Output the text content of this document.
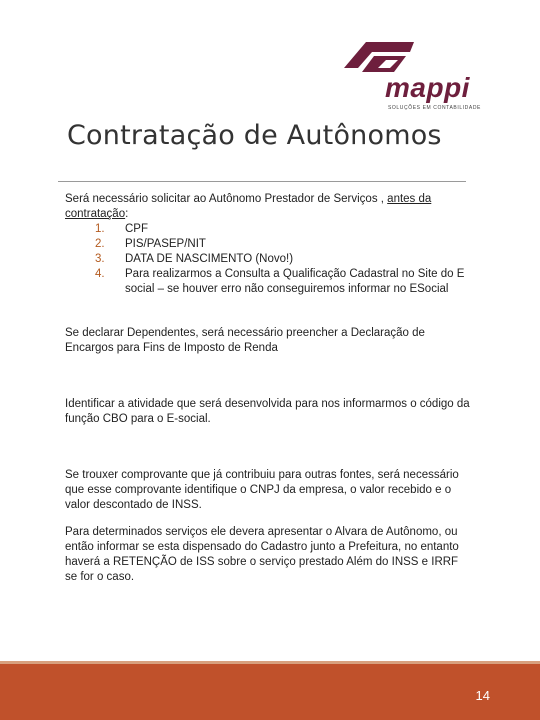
mappi
SOLUÇÕES EM CONTABILIDADE
Contratação de Autônomos

Será necessário solicitar ao Autônomo Prestador de Serviços , antes da contratação:

1.	CPF
2.	PIS/PASEP/NIT
3.	DATA DE NASCIMENTO (Novo!)
4.	Para realizarmos a Consulta a Qualificação Cadastral no Site do E social – se houver erro não conseguiremos informar no ESocial

Se declarar Dependentes, será necessário preencher a Declaração de Encargos para Fins de Imposto de Renda

Identificar a atividade que será desenvolvida para nos informarmos o código da função CBO para o E-social.

Se trouxer comprovante que já contribuiu para outras fontes, será necessário que esse comprovante identifique o CNPJ da empresa, o valor recebido e o valor descontado de INSS.

Para determinados serviços ele devera apresentar o Alvara de Autônomo, ou então informar se esta dispensado do Cadastro junto a Prefeitura, no entanto haverá a RETENÇÃO de ISS sobre o serviço prestado Além do INSS e IRRF se for o caso.

14
